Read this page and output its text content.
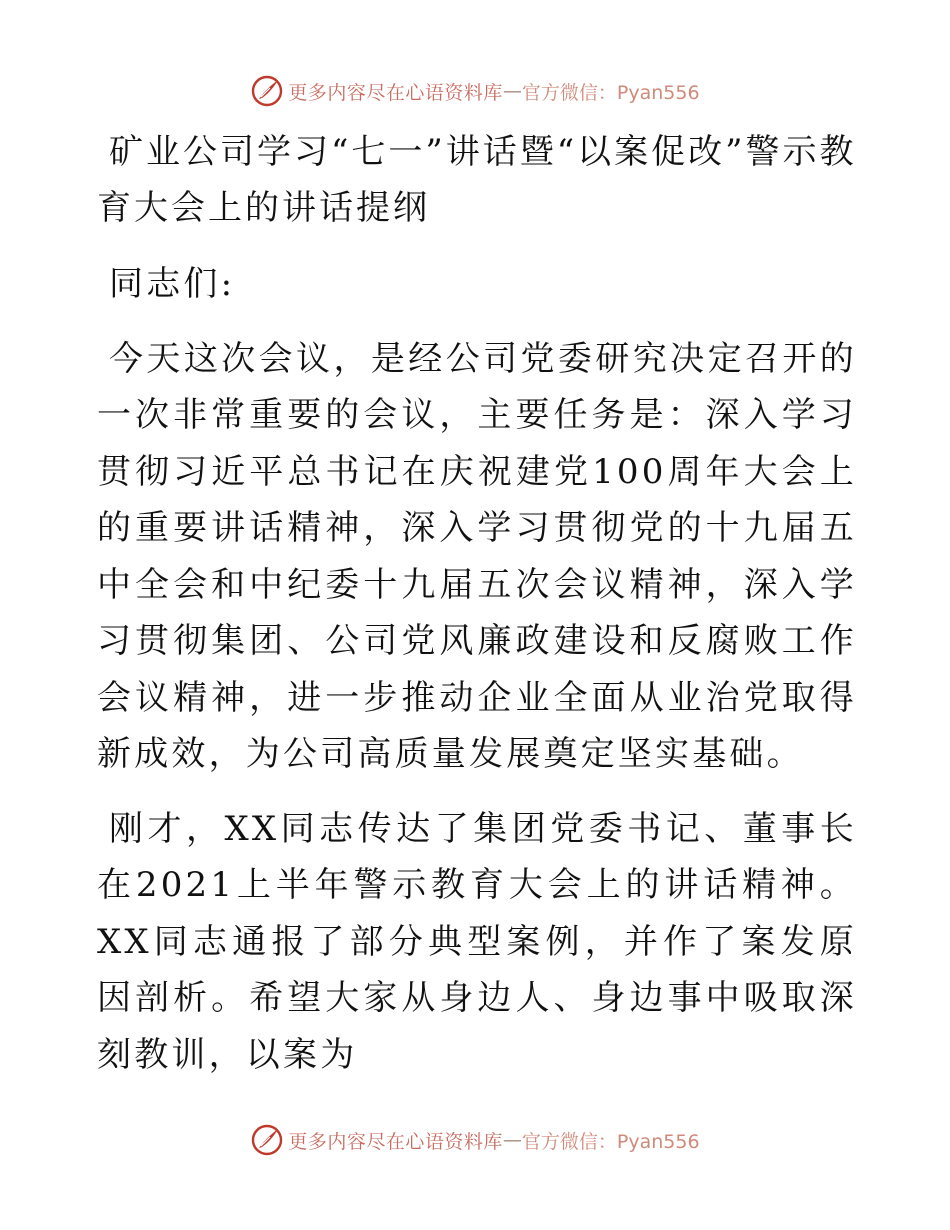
更多内容尽在心语资料库 — 官方微信：Pyan556
矿业公司学习“七一”讲话暨“以案促改”警示教育大会上的讲话提纲

同志们:

今天这次会议，是经公司党委研究决定召开的一次非常重要的会议，主要任务是：深入学习贯彻习近平总书记在庆祝建党100周年大会上的重要讲话精神，深入学习贯彻党的十九届五中全会和中纪委十九届五次会议精神，深入学习贯彻集团、公司党风廉政建设和反腐败工作会议精神，进一步推动企业全面从业治党取得新成效，为公司高质量发展奠定坚实基础。

刚才，XX同志传达了集团党委书记、董事长在2021上半年警示教育大会上的讲话精神。XX同志通报了部分典型案例，并作了案发原因剖析。希望大家从身边人、身边事中吸取深刻教训，以案为

更多内容尽在心语资料库 — 官方微信：Pyan556
